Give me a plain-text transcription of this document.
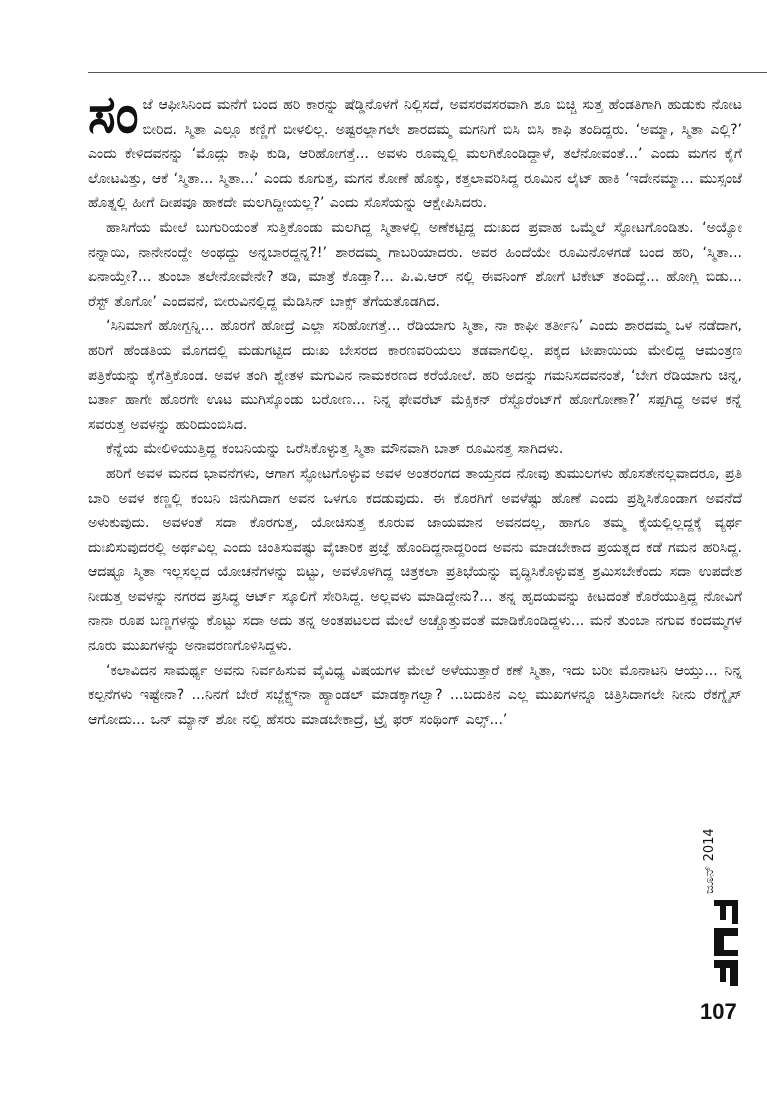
ಸಂಜೆ ಆಫೀಸಿನಿಂದ ಮನೆಗೆ ಬಂದ ಹರಿ ಕಾರನ್ನು ಷೆಡ್ಡಿನೊಳಗೆ ನಿಲ್ಲಿಸದೆ, ಅವಸರವಸರವಾಗಿ ಶೂ ಬಿಚ್ಚಿ ಸುತ್ತ ಹೆಂಡತಿಗಾಗಿ ಹುಡುಕು ನೋಟ ಬೀರಿದ. ಸ್ಮಿತಾ ಎಲ್ಲೂ ಕಣ್ಣಿಗೆ ಬೀಳಲಿಲ್ಲ. ಅಷ್ಟರಲ್ಲಾಗಲೇ ಶಾರದಮ್ಮ ಮಗನಿಗೆ ಬಿಸಿ ಬಿಸಿ ಕಾಫಿ ತಂದಿದ್ದರು. ‘ಅಮ್ಮಾ, ಸ್ಮಿತಾ ಎಲ್ಲಿ?’ ಎಂದು ಕೇಳಿದವನನ್ನು ‘ಮೊದ್ಲು ಕಾಫಿ ಕುಡಿ, ಆರಿಹೋಗತ್ತೆ... ಅವಳು ರೂಮ್ನಲ್ಲಿ ಮಲಗಿಕೊಂಡಿದ್ದಾಳೆ, ತಲೆನೋವಂತೆ...’ ಎಂದು ಮಗನ ಕೈಗೆ ಲೋಟವಿತ್ತು, ಆಕೆ ‘ಸ್ಮಿತಾ... ಸ್ಮಿತಾ...’ ಎಂದು ಕೂಗುತ್ತ, ಮಗನ ಕೋಣೆ ಹೊಕ್ಕು, ಕತ್ತಲಾವರಿಸಿದ್ದ ರೂಮಿನ ಲೈಟ್ ಹಾಕಿ ‘ಇದೇನಮ್ಮಾ... ಮುಸ್ಸಂಜೆ ಹೊತ್ನಲ್ಲಿ ಹೀಗೆ ದೀಪವೂ ಹಾಕದೇ ಮಲಗಿದ್ದೀಯಲ್ಲ?’ ಎಂದು ಸೊಸೆಯನ್ನು ಆಕ್ಷೇಪಿಸಿದರು.

ಹಾಸಿಗೆಯ ಮೇಲೆ ಬುಗುರಿಯಂತೆ ಸುತ್ತಿಕೊಂಡು ಮಲಗಿದ್ದ ಸ್ಮಿತಾಳಲ್ಲಿ ಅಣೆಕಟ್ಟಿದ್ದ ದುಃಖದ ಪ್ರವಾಹ ಒಮ್ಮೆಲೆ ಸ್ಫೋಟಗೊಂಡಿತು. ‘ಅಯ್ಯೋ ನನ್ನಾಯಿ, ನಾನೇನಂದ್ದೇ ಅಂಥದ್ದು ಅನ್ನಬಾರದ್ದನ್ನ?!’ ಶಾರದಮ್ಮ ಗಾಬರಿಯಾದರು. ಅವರ ಹಿಂದೆಯೇ ರೂಮಿನೊಳಗಡೆ ಬಂದ ಹರಿ, ‘ಸ್ಮಿತಾ... ಏನಾಯ್ತೇ?... ತುಂಬಾ ತಲೇನೋವೇನೇ? ತಡಿ, ಮಾತ್ರೆ ಕೊಡ್ತಾ?... ಪಿ.ವಿ.ಆರ್ ನಲ್ಲಿ ಈವನಿಂಗ್ ಶೋಗೆ ಟಿಕೇಟ್ ತಂದಿದ್ದೆ... ಹೋಗ್ಲಿ ಬಿಡು... ರೆಸ್ಟ್ ತೊಗೋ’ ಎಂದವನೆ, ಬೀರುವಿನಲ್ಲಿದ್ದ ಮೆಡಿಸಿನ್ ಬಾಕ್ಸ್ ತೆಗೆಯತೊಡಗಿದ.

‘ಸಿನಿಮಾಗೆ ಹೋಗ್ಬನ್ನಿ... ಹೊರಗೆ ಹೋದ್ರೆ ಎಲ್ಲಾ ಸರಿಹೋಗತ್ತೆ... ರೆಡಿಯಾಗು ಸ್ಮಿತಾ, ನಾ ಕಾಫೀ ತರ್ತೀನಿ’ ಎಂದು ಶಾರದಮ್ಮ ಒಳ ನಡೆದಾಗ, ಹರಿಗೆ ಹೆಂಡತಿಯ ಮೊಗದಲ್ಲಿ ಮಡುಗಟ್ಟಿದ ದುಃಖ ಬೇಸರದ ಕಾರಣವರಿಯಲು ತಡವಾಗಲಿಲ್ಲ. ಪಕ್ಕದ ಟೀಪಾಯಿಯ ಮೇಲಿದ್ದ ಆಮಂತ್ರಣ ಪತ್ರಿಕೆಯನ್ನು ಕೈಗೆತ್ತಿಕೊಂಡ. ಅವಳ ತಂಗಿ ಶ್ವೇತಳ ಮಗುವಿನ ನಾಮಕರಣದ ಕರೆಯೋಲೆ. ಹರಿ ಅದನ್ನು ಗಮನಿಸದವನಂತೆ, ‘ಬೇಗ ರೆಡಿಯಾಗು ಚಿನ್ನ, ಬರ್ತಾ ಹಾಗೇ ಹೊರಗೇ ಊಟ ಮುಗಿಸ್ಕೊಂಡು ಬರೋಣ... ನಿನ್ನ ಫೇವರೆಟ್ ಮೆಕ್ಸಿಕನ್ ರೆಸ್ಟೊರೆಂಟ್‌ಗೆ ಹೋಗೋಣಾ?’ ಸಪ್ಪಗಿದ್ದ ಅವಳ ಕನ್ನೆ ಸವರುತ್ತ ಅವಳನ್ನು ಹುರಿದುಂಬಿಸಿದ.

ಕೆನ್ನೆಯ ಮೇಲಿಳಿಯುತ್ತಿದ್ದ ಕಂಬನಿಯನ್ನು ಒರೆಸಿಕೊಳ್ಳುತ್ತ ಸ್ಮಿತಾ ಮೌನವಾಗಿ ಬಾತ್ ರೂಮಿನತ್ತ ಸಾಗಿದಳು.

ಹರಿಗೆ ಅವಳ ಮನದ ಭಾವನೆಗಳು, ಆಗಾಗ ಸ್ಫೋಟಗೊಳ್ಳುವ ಅವಳ ಅಂತರಂಗದ ತಾಯ್ತನದ ನೋವು ತುಮುಲಗಳು ಹೊಸತೇನಲ್ಲವಾದರೂ, ಪ್ರತಿ ಬಾರಿ ಅವಳ ಕಣ್ಣಲ್ಲಿ ಕಂಬನಿ ಜಿನುಗಿದಾಗ ಅವನ ಒಳಗೂ ಕದಡುವುದು. ಈ ಕೊರಗಿಗೆ ಅವಳೆಷ್ಟು ಹೊಣೆ ಎಂದು ಪ್ರಶ್ನಿಸಿಕೊಂಡಾಗ ಅವನೆದೆ ಅಳುಕುವುದು. ಅವಳಂತೆ ಸದಾ ಕೊರಗುತ್ತ, ಯೋಚಿಸುತ್ತ ಕೂರುವ ಜಾಯಮಾನ ಅವನದಲ್ಲ, ಹಾಗೂ ತಮ್ಮ ಕೈಯಲ್ಲಿಲ್ಲದ್ದಕ್ಕೆ ವ್ಯರ್ಥ ದುಃಖಿಸುವುದರಲ್ಲಿ ಅರ್ಥವಿಲ್ಲ ಎಂದು ಚಿಂತಿಸುವಷ್ಟು ವೈಚಾರಿಕ ಪ್ರಜ್ಞೆ ಹೊಂದಿದ್ದನಾದ್ದರಿಂದ ಅವನು ಮಾಡಬೇಕಾದ ಪ್ರಯತ್ನದ ಕಡೆ ಗಮನ ಹರಿಸಿದ್ದ. ಆದಷ್ಟೂ ಸ್ಮಿತಾ ಇಲ್ಲಸಲ್ಲದ ಯೋಚನೆಗಳನ್ನು ಬಿಟ್ಟು, ಅವಳೊಳಗಿದ್ದ ಚಿತ್ರಕಲಾ ಪ್ರತಿಭೆಯನ್ನು ವೃದ್ಧಿಸಿಕೊಳ್ಳುವತ್ತ ಶ್ರಮಿಸಬೇಕೆಂದು ಸದಾ ಉಪದೇಶ ನೀಡುತ್ತ ಅವಳನ್ನು ನಗರದ ಪ್ರಸಿದ್ಧ ಆರ್ಟ್ ಸ್ಕೂಲಿಗೆ ಸೇರಿಸಿದ್ದ. ಅಲ್ಲವಳು ಮಾಡಿದ್ದೇನು?... ತನ್ನ ಹೃದಯವನ್ನು ಕೀಟದಂತೆ ಕೊರೆಯುತ್ತಿದ್ದ ನೋವಿಗೆ ನಾನಾ ರೂಪ ಬಣ್ಣಗಳನ್ನು ಕೊಟ್ಟು ಸದಾ ಅದು ತನ್ನ ಅಂತಪಟಲದ ಮೇಲೆ ಅಚ್ಚೊತ್ತುವಂತೆ ಮಾಡಿಕೊಂಡಿದ್ದಳು... ಮನೆ ತುಂಬಾ ನಗುವ ಕಂದಮ್ಮಗಳ ನೂರು ಮುಖಗಳನ್ನು ಅನಾವರಣಗೊಳಿಸಿದ್ದಳು.

‘ಕಲಾವಿದನ ಸಾಮರ್ಥ್ಯ ಅವನು ನಿರ್ವಹಿಸುವ ವೈವಿಧ್ಯ ವಿಷಯಗಳ ಮೇಲೆ ಅಳೆಯುತ್ತಾರೆ ಕಣೆ ಸ್ಮಿತಾ, ಇದು ಬರೀ ಮೊನಾಟನಿ ಆಯ್ತು... ನಿನ್ನ ಕಲ್ಪನೆಗಳು ಇಷ್ಟೇನಾ? ...ನಿನಗೆ ಬೇರೆ ಸಬ್ಜೆಕ್ಟ್ಸ್‌ನಾ ಹ್ಯಾಂಡಲ್ ಮಾಡಕ್ಕಾಗಲ್ವಾ? ...ಬದುಕಿನ ಎಲ್ಲ ಮುಖಗಳನ್ನೂ ಚಿತ್ರಿಸಿದಾಗಲೇ ನೀನು ರೆಕಗ್ನೈಸ್ ಆಗೋದು... ಒನ್ ಮ್ಯಾನ್ ಶೋ ನಲ್ಲಿ ಹೆಸರು ಮಾಡಬೇಕಾದ್ರೆ, ಟ್ರೈ ಫರ್ ಸಂಥಿಂಗ್ ಎಲ್ಸ್...’

ಜೂನ್ 2014
107
